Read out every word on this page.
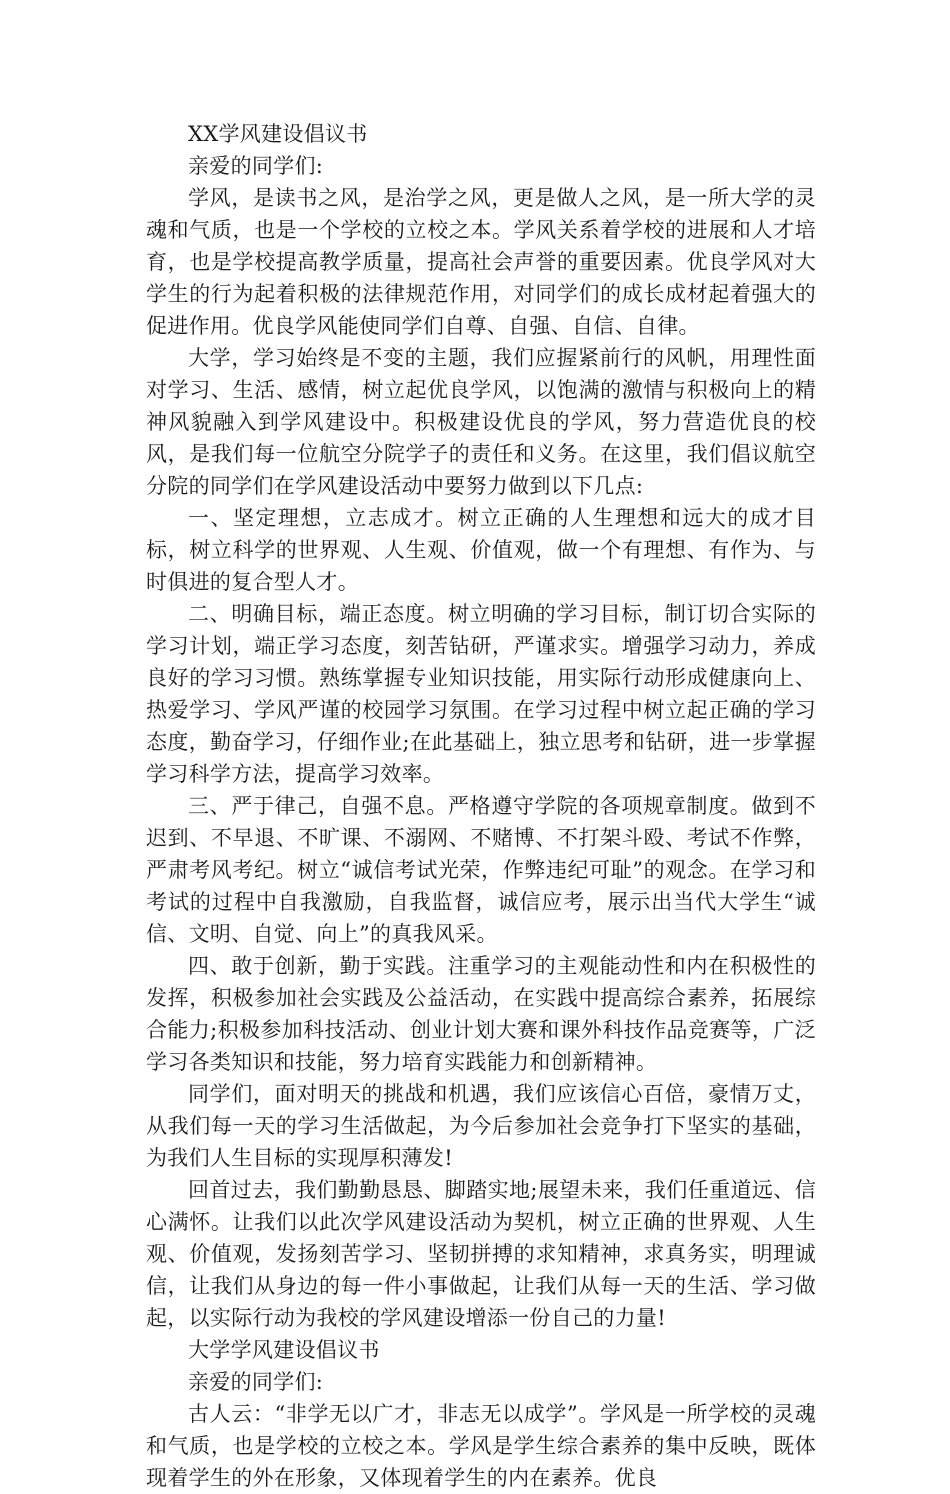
XX学风建设倡议书

亲爱的同学们:

学风，是读书之风，是治学之风，更是做人之风，是一所大学的灵魂和气质，也是一个学校的立校之本。学风关系着学校的进展和人才培育，也是学校提高教学质量，提高社会声誉的重要因素。优良学风对大学生的行为起着积极的法律规范作用，对同学们的成长成材起着强大的促进作用。优良学风能使同学们自尊、自强、自信、自律。

大学，学习始终是不变的主题，我们应握紧前行的风帆，用理性面对学习、生活、感情，树立起优良学风，以饱满的激情与积极向上的精神风貌融入到学风建设中。积极建设优良的学风，努力营造优良的校风，是我们每一位航空分院学子的责任和义务。在这里，我们倡议航空分院的同学们在学风建设活动中要努力做到以下几点:

一、坚定理想，立志成才。树立正确的人生理想和远大的成才目标，树立科学的世界观、人生观、价值观，做一个有理想、有作为、与时俱进的复合型人才。

二、明确目标，端正态度。树立明确的学习目标，制订切合实际的学习计划，端正学习态度，刻苦钻研，严谨求实。增强学习动力，养成良好的学习习惯。熟练掌握专业知识技能，用实际行动形成健康向上、热爱学习、学风严谨的校园学习氛围。在学习过程中树立起正确的学习态度，勤奋学习，仔细作业;在此基础上，独立思考和钻研，进一步掌握学习科学方法，提高学习效率。

三、严于律己，自强不息。严格遵守学院的各项规章制度。做到不迟到、不早退、不旷课、不溺网、不赌博、不打架斗殴、考试不作弊，严肃考风考纪。树立“诚信考试光荣，作弊违纪可耻”的观念。在学习和考试的过程中自我激励，自我监督，诚信应考，展示出当代大学生“诚信、文明、自觉、向上”的真我风采。

四、敢于创新，勤于实践。注重学习的主观能动性和内在积极性的发挥，积极参加社会实践及公益活动，在实践中提高综合素养，拓展综合能力;积极参加科技活动、创业计划大赛和课外科技作品竞赛等，广泛学习各类知识和技能，努力培育实践能力和创新精神。

同学们，面对明天的挑战和机遇，我们应该信心百倍，豪情万丈，从我们每一天的学习生活做起，为今后参加社会竞争打下坚实的基础，为我们人生目标的实现厚积薄发!

回首过去，我们勤勤恳恳、脚踏实地;展望未来，我们任重道远、信心满怀。让我们以此次学风建设活动为契机，树立正确的世界观、人生观、价值观，发扬刻苦学习、坚韧拼搏的求知精神，求真务实，明理诚信，让我们从身边的每一件小事做起，让我们从每一天的生活、学习做起，以实际行动为我校的学风建设增添一份自己的力量!

大学学风建设倡议书

亲爱的同学们:

古人云：“非学无以广才，非志无以成学”。学风是一所学校的灵魂和气质，也是学校的立校之本。学风是学生综合素养的集中反映，既体现着学生的外在形象，又体现着学生的内在素养。优良
